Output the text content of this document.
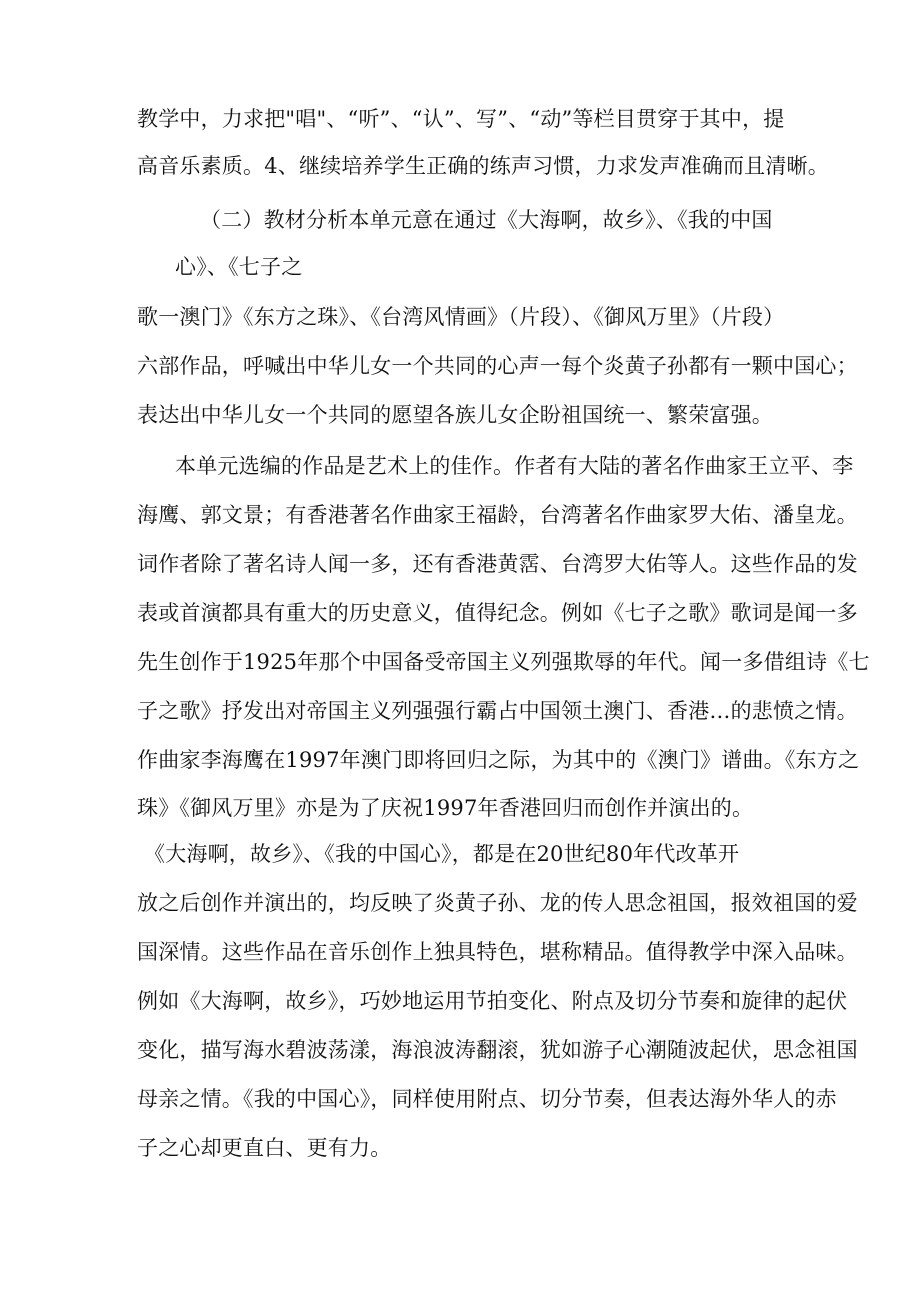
教学中，力求把"唱"、“听”、“认”、写”、“动”等栏目贯穿于其中，提
高音乐素质。4、继续培养学生正确的练声习惯，力求发声准确而且清晰。
（二）教材分析本单元意在通过《大海啊，故乡》、《我的中国
心》、《七子之
歌一澳门》《东方之珠》、《台湾风情画》（片段）、《御风万里》（片段）
六部作品，呼喊出中华儿女一个共同的心声一每个炎黄子孙都有一颗中国心；
表达出中华儿女一个共同的愿望各族儿女企盼祖国统一、繁荣富强。
本单元选编的作品是艺术上的佳作。作者有大陆的著名作曲家王立平、李
海鹰、郭文景；有香港著名作曲家王福龄，台湾著名作曲家罗大佑、潘皇龙。
词作者除了著名诗人闻一多，还有香港黄霑、台湾罗大佑等人。这些作品的发
表或首演都具有重大的历史意义，值得纪念。例如《七子之歌》歌词是闻一多
先生创作于1925年那个中国备受帝国主义列强欺辱的年代。闻一多借组诗《七
子之歌》抒发出对帝国主义列强强行霸占中国领土澳门、香港…的悲愤之情。
作曲家李海鹰在1997年澳门即将回归之际，为其中的《澳门》谱曲。《东方之
珠》《御风万里》亦是为了庆祝1997年香港回归而创作并演出的。
《大海啊，故乡》、《我的中国心》，都是在20世纪80年代改革开
放之后创作并演出的，均反映了炎黄子孙、龙的传人思念祖国，报效祖国的爱
国深情。这些作品在音乐创作上独具特色，堪称精品。值得教学中深入品味。
例如《大海啊，故乡》，巧妙地运用节拍变化、附点及切分节奏和旋律的起伏
变化，描写海水碧波荡漾，海浪波涛翻滚，犹如游子心潮随波起伏，思念祖国
母亲之情。《我的中国心》，同样使用附点、切分节奏，但表达海外华人的赤
子之心却更直白、更有力。
